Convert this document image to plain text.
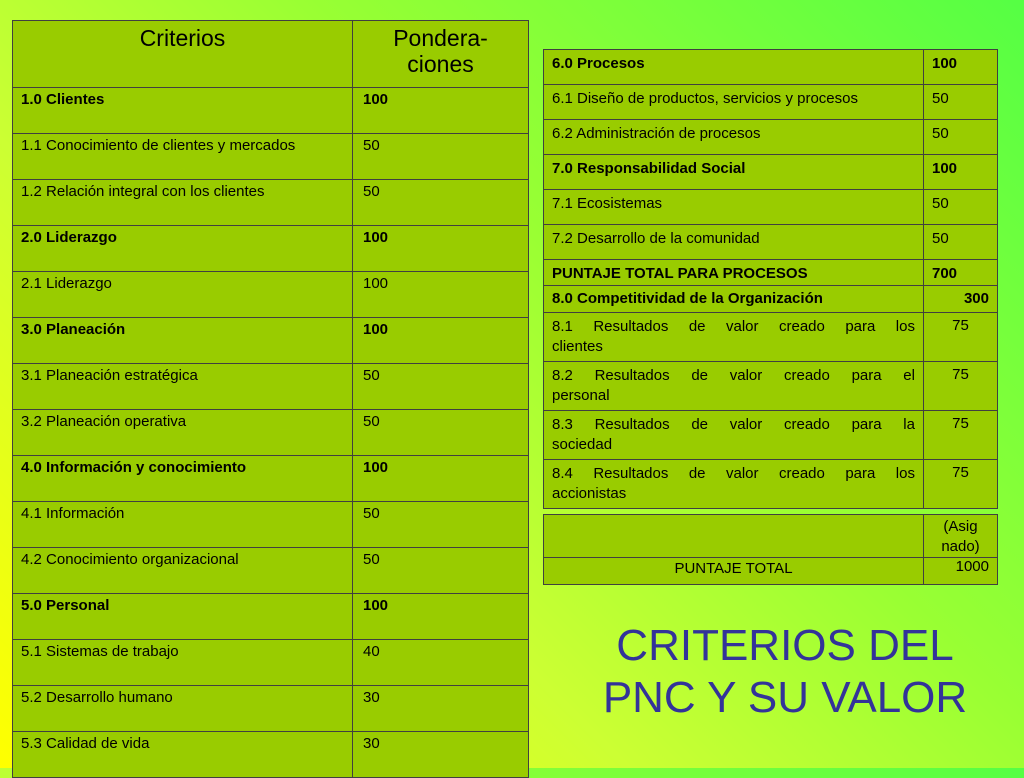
Criterios	Pondera-
ciones
1.0 Clientes	100
1.1 Conocimiento de clientes y mercados	50
1.2 Relación integral con los clientes	50
2.0 Liderazgo	100
2.1 Liderazgo	100
3.0 Planeación	100
3.1 Planeación estratégica	50
3.2 Planeación operativa	50
4.0 Información y conocimiento	100
4.1 Información	50
4.2 Conocimiento organizacional	50
5.0 Personal	100
5.1 Sistemas de trabajo	40
5.2 Desarrollo humano	30
5.3 Calidad de vida	30
6.0 Procesos	100
6.1 Diseño de productos, servicios y procesos	50
6.2 Administración de procesos	50
7.0 Responsabilidad Social	100
7.1 Ecosistemas	50
7.2 Desarrollo de la comunidad	50
PUNTAJE TOTAL PARA PROCESOS	700
8.0 Competitividad de la Organización	300
8.1 Resultados de valor creado para los
clientes	75
8.2 Resultados de valor creado para el
personal	75
8.3 Resultados de valor creado para la
sociedad	75
8.4 Resultados de valor creado para los
accionistas	75
	(Asig
nado)
PUNTAJE TOTAL	1000
CRITERIOS DEL
PNC Y SU VALOR
